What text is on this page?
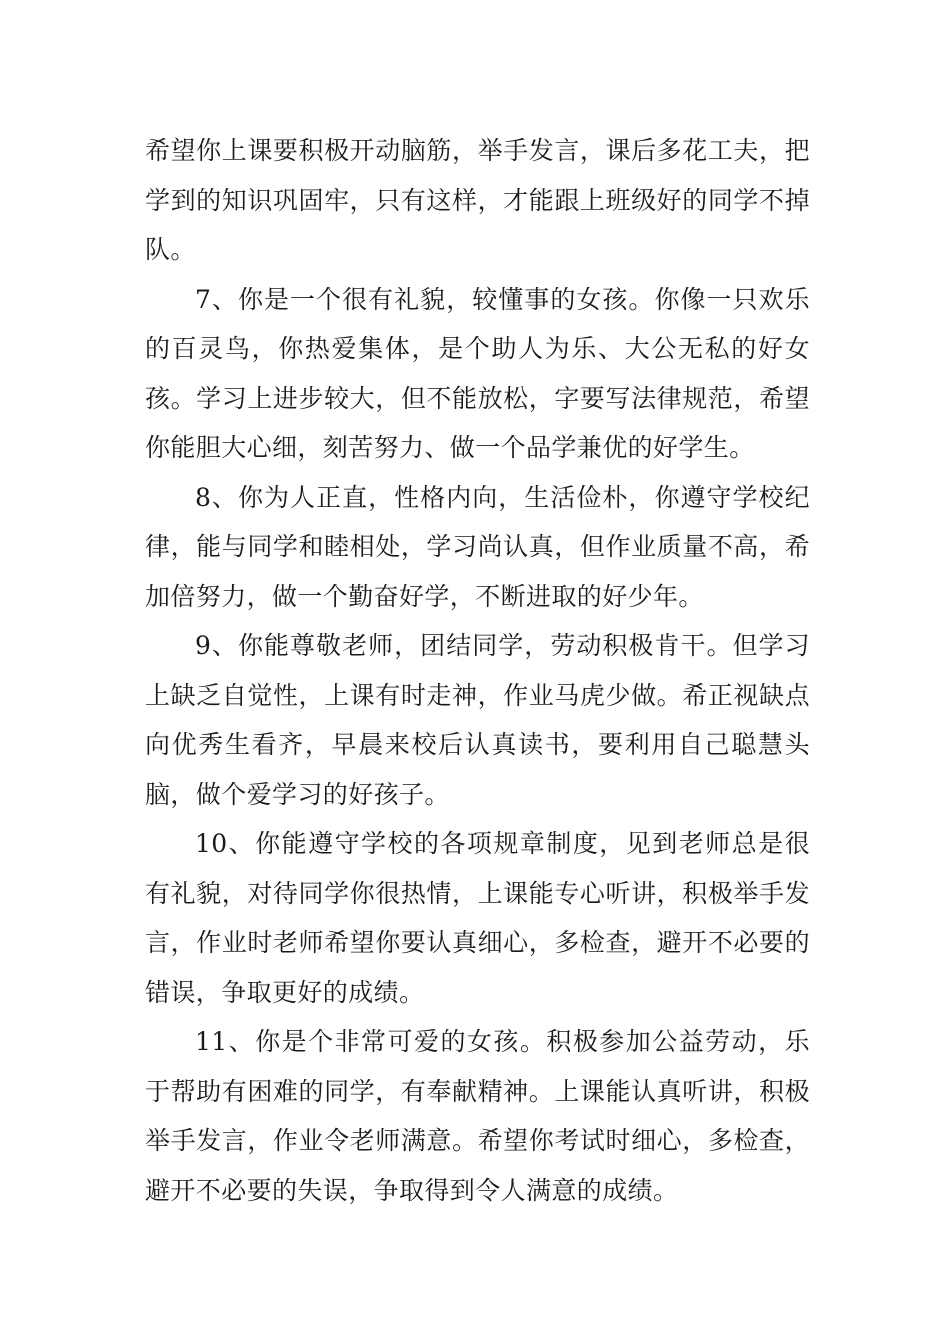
希望你上课要积极开动脑筋，举手发言，课后多花工夫，把学到的知识巩固牢，只有这样，才能跟上班级好的同学不掉队。

7、你是一个很有礼貌，较懂事的女孩。你像一只欢乐的百灵鸟，你热爱集体，是个助人为乐、大公无私的好女孩。学习上进步较大，但不能放松，字要写法律规范，希望你能胆大心细，刻苦努力、做一个品学兼优的好学生。

8、你为人正直，性格内向，生活俭朴，你遵守学校纪律，能与同学和睦相处，学习尚认真，但作业质量不高，希加倍努力，做一个勤奋好学，不断进取的好少年。

9、你能尊敬老师，团结同学，劳动积极肯干。但学习上缺乏自觉性，上课有时走神，作业马虎少做。希正视缺点向优秀生看齐，早晨来校后认真读书，要利用自己聪慧头脑，做个爱学习的好孩子。

10、你能遵守学校的各项规章制度，见到老师总是很有礼貌，对待同学你很热情，上课能专心听讲，积极举手发言，作业时老师希望你要认真细心，多检查，避开不必要的错误，争取更好的成绩。

11、你是个非常可爱的女孩。积极参加公益劳动，乐于帮助有困难的同学，有奉献精神。上课能认真听讲，积极举手发言，作业令老师满意。希望你考试时细心，多检查，避开不必要的失误，争取得到令人满意的成绩。
